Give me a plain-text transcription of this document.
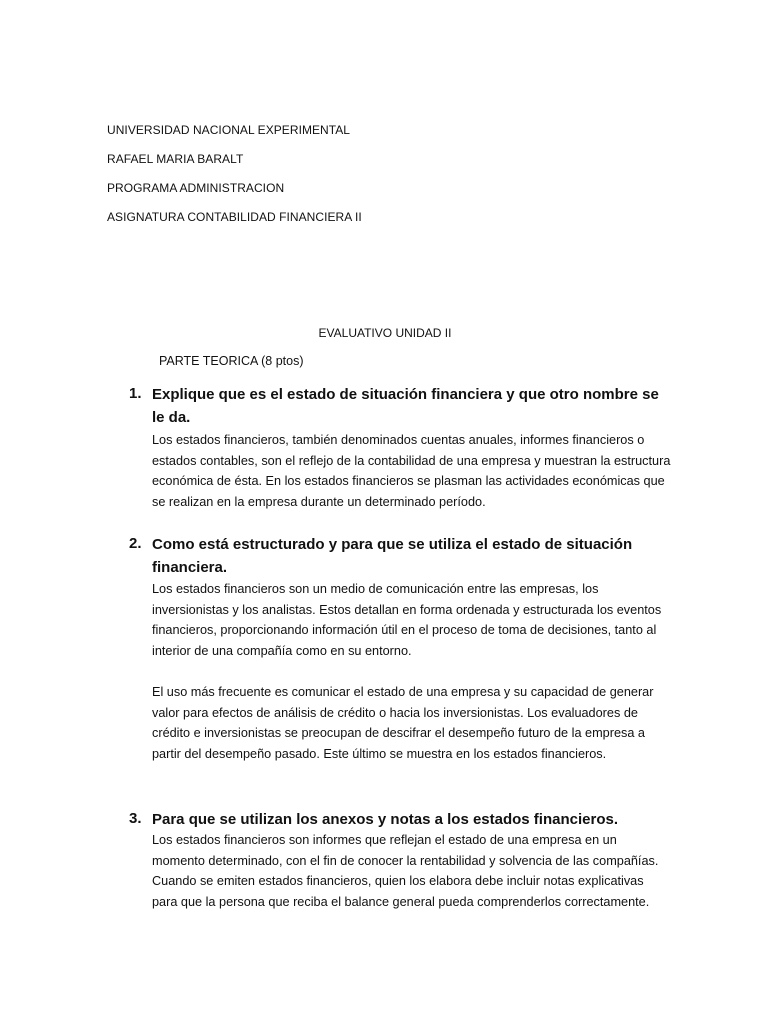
UNIVERSIDAD NACIONAL EXPERIMENTAL
RAFAEL MARIA BARALT
PROGRAMA ADMINISTRACION
ASIGNATURA CONTABILIDAD FINANCIERA II
EVALUATIVO UNIDAD II
PARTE TEORICA (8 ptos)
1. Explique que es el estado de situación financiera y que otro nombre se le da.
Los estados financieros, también denominados cuentas anuales, informes financieros o estados contables, son el reflejo de la contabilidad de una empresa y muestran la estructura económica de ésta. En los estados financieros se plasman las actividades económicas que se realizan en la empresa durante un determinado período.
2. Como está estructurado y para que se utiliza el estado de situación financiera.
Los estados financieros son un medio de comunicación entre las empresas, los inversionistas y los analistas. Estos detallan en forma ordenada y estructurada los eventos financieros, proporcionando información útil en el proceso de toma de decisiones, tanto al interior de una compañía como en su entorno.
El uso más frecuente es comunicar el estado de una empresa y su capacidad de generar valor para efectos de análisis de crédito o hacia los inversionistas. Los evaluadores de crédito e inversionistas se preocupan de descifrar el desempeño futuro de la empresa a partir del desempeño pasado. Este último se muestra en los estados financieros.
3. Para que se utilizan los anexos y notas a los estados financieros.
Los estados financieros son informes que reflejan el estado de una empresa en un momento determinado, con el fin de conocer la rentabilidad y solvencia de las compañías. Cuando se emiten estados financieros, quien los elabora debe incluir notas explicativas para que la persona que reciba el balance general pueda comprenderlos correctamente.
